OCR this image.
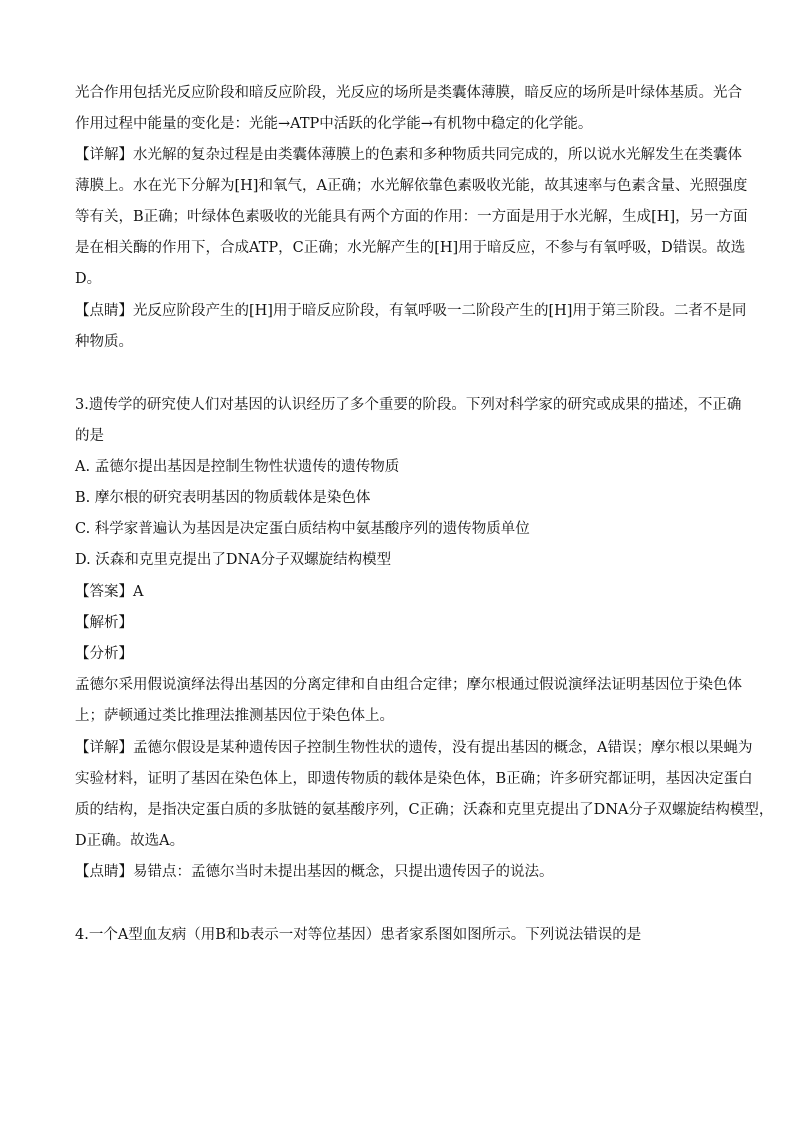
光合作用包括光反应阶段和暗反应阶段，光反应的场所是类囊体薄膜，暗反应的场所是叶绿体基质。光合
作用过程中能量的变化是：光能→ATP中活跃的化学能→有机物中稳定的化学能。
【详解】水光解的复杂过程是由类囊体薄膜上的色素和多种物质共同完成的，所以说水光解发生在类囊体
薄膜上。水在光下分解为[H]和氧气，A正确；水光解依靠色素吸收光能，故其速率与色素含量、光照强度
等有关，B正确；叶绿体色素吸收的光能具有两个方面的作用：一方面是用于水光解，生成[H]，另一方面
是在相关酶的作用下，合成ATP，C正确；水光解产生的[H]用于暗反应，不参与有氧呼吸，D错误。故选
D。
【点睛】光反应阶段产生的[H]用于暗反应阶段，有氧呼吸一二阶段产生的[H]用于第三阶段。二者不是同
种物质。
3.遗传学的研究使人们对基因的认识经历了多个重要的阶段。下列对科学家的研究或成果的描述，不正确
的是
A. 孟德尔提出基因是控制生物性状遗传的遗传物质
B. 摩尔根的研究表明基因的物质载体是染色体
C. 科学家普遍认为基因是决定蛋白质结构中氨基酸序列的遗传物质单位
D. 沃森和克里克提出了DNA分子双螺旋结构模型
【答案】A
【解析】
【分析】
孟德尔采用假说演绎法得出基因的分离定律和自由组合定律；摩尔根通过假说演绎法证明基因位于染色体
上；萨顿通过类比推理法推测基因位于染色体上。
【详解】孟德尔假设是某种遗传因子控制生物性状的遗传，没有提出基因的概念，A错误；摩尔根以果蝇为
实验材料，证明了基因在染色体上，即遗传物质的载体是染色体，B正确；许多研究都证明，基因决定蛋白
质的结构，是指决定蛋白质的多肽链的氨基酸序列，C正确；沃森和克里克提出了DNA分子双螺旋结构模型，
D正确。故选A。
【点睛】易错点：孟德尔当时未提出基因的概念，只提出遗传因子的说法。
4.一个A型血友病（用B和b表示一对等位基因）患者家系图如图所示。下列说法错误的是
